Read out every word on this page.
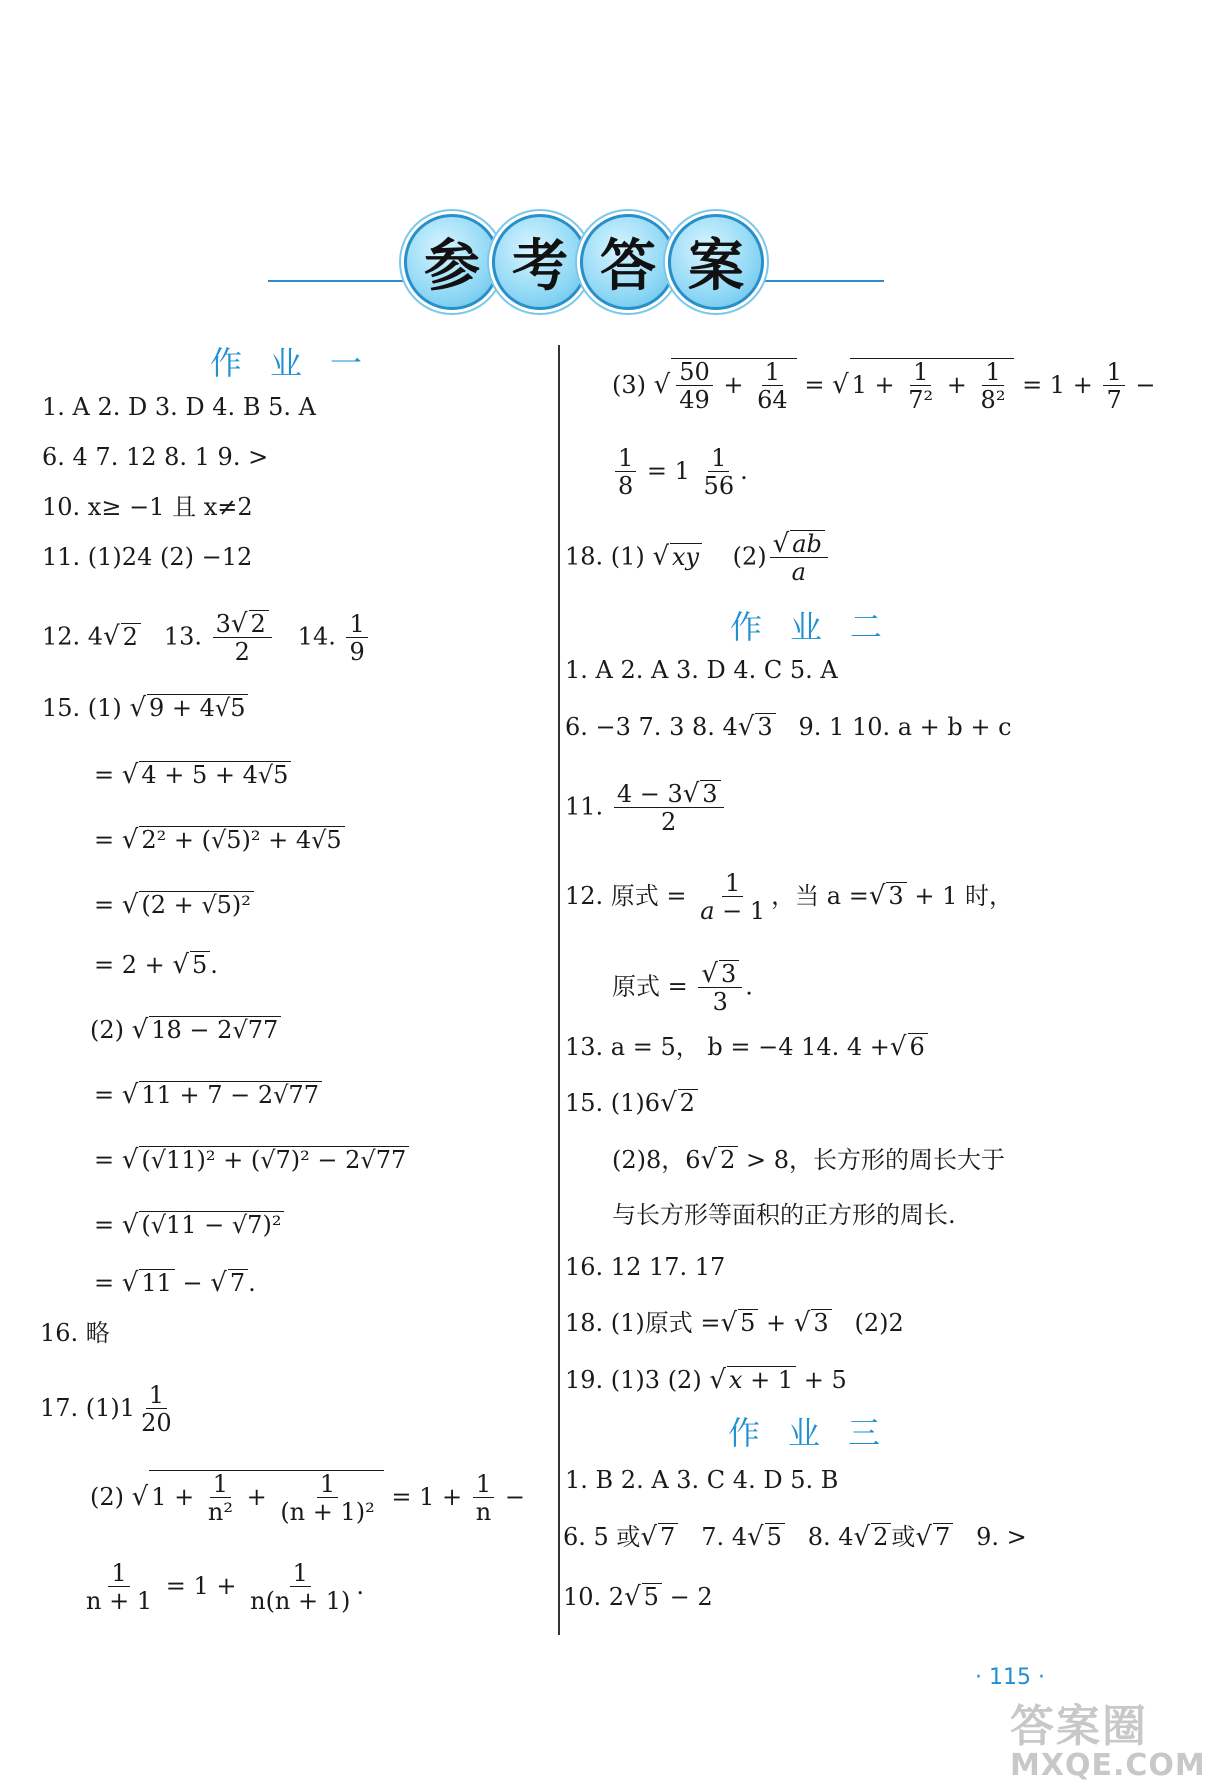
参 考 答 案
作业一
1. A 2. D 3. D 4. B 5. A
6. 4 7. 12 8. 1 9. >
10. x≥ −1 且 x≠2
11. (1)24 (2) −12
12. 4√ 2 13. $\frac{3√ 2}{2} 14$. $\frac{1}{9}$
15. (1) √ 9 + 4√5
= √ 4 + 5 + 4√5
= √ 2² + (√5)² + 4√5
= √ (2 + √5)²
= 2 + √ 5 .
(2) √ 18 − 2√77
= √ 11 + 7 − 2√77
= √ (√11)² + (√7)² − 2√77
= √ (√11 − √7)²
= √ 11 − √ 7 .
16. 略
17. $(1)1 \frac{1}{20}$
(2) √ $1 + \frac{1}{\text{n²}} + \frac{1}{\text{(n + 1)²}} = 1 + \frac{1}{n}$ −
$\frac{1}{n + 1} = 1 + \frac{1}{n(n + 1)}$ .
(3) √ $\frac{50}{49} + \frac{1}{64}$ = √ $1 + \frac{1}{\text{7²}} + \frac{1}{\text{8²}} = 1 + \frac{1}{7}$ −
$\frac{1}{8} = 1 \frac{1}{56}$ .
18. (1) √ xy $(2) \frac{√ ab}{a}$
作业二
1. A 2. A 3. D 4. C 5. A
6. −3 7. 3 8. 4√ 3 9. 1 10. a + b + c
11. $\frac{4 - 3√ 3}{2}$
12. 原式 = $\frac{1}{a - 1}$ ，当 a =√ 3 + 1 时，
原式 = $\frac{√ 3}{3}$ .
13. a = 5， b = −4 14. 4 +√ 6
15. (1)6√ 2
(2)8，6√ 2 > 8，长方形的周长大于
与长方形等面积的正方形的周长.
16. 12 17. 17
18. (1)原式 =√ 5 + √ 3 (2)2
19. (1)3 (2) √ x + 1 + 5
作业三
1. B 2. A 3. C 4. D 5. B
6. 5 或√ 7 7. 4√ 5 8. 4√ 2 或√ 7 9. >
10. 2√ 5 − 2
· 115 ·
答案圈
MXQE.COM
